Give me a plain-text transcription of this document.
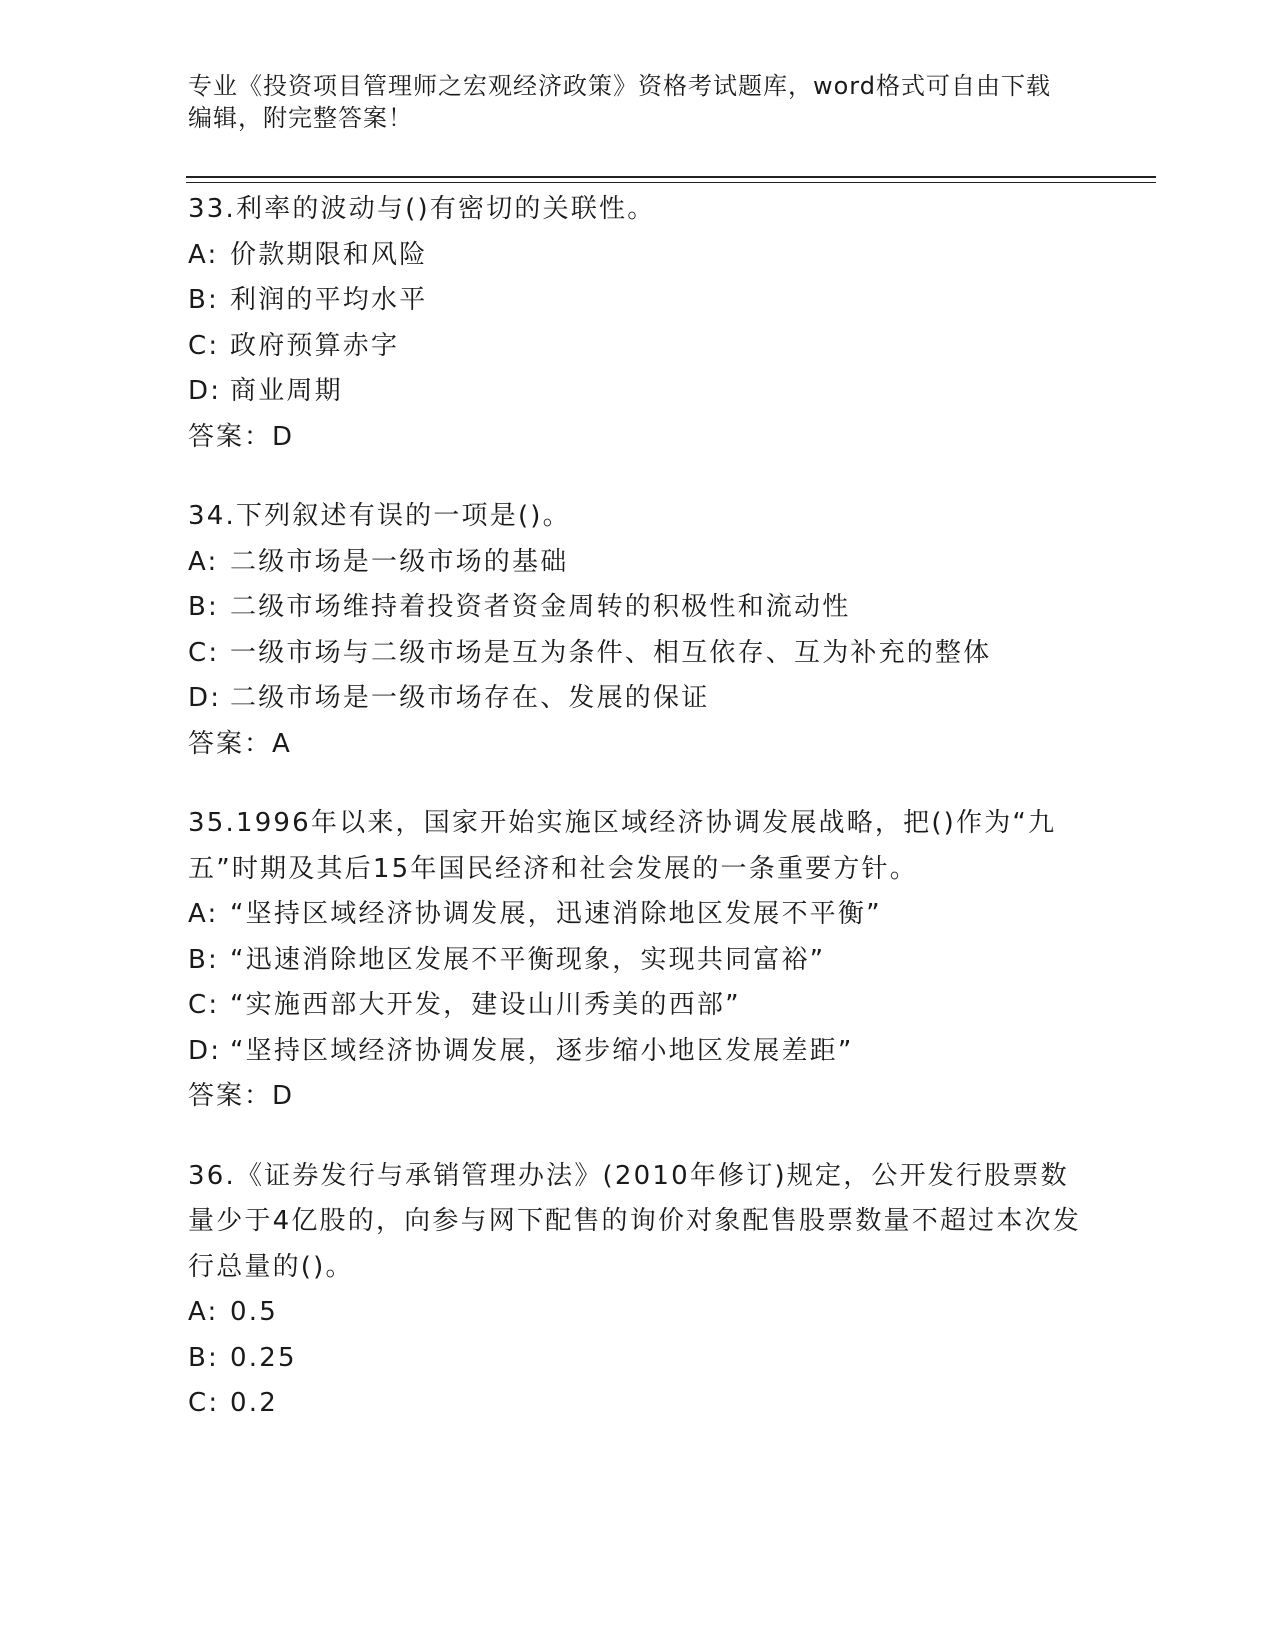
专业《投资项目管理师之宏观经济政策》资格考试题库，word格式可自由下载编辑，附完整答案！
33.利率的波动与()有密切的关联性。
A: 价款期限和风险
B: 利润的平均水平
C: 政府预算赤字
D: 商业周期
答案：D
34.下列叙述有误的一项是()。
A: 二级市场是一级市场的基础
B: 二级市场维持着投资者资金周转的积极性和流动性
C: 一级市场与二级市场是互为条件、相互依存、互为补充的整体
D: 二级市场是一级市场存在、发展的保证
答案：A
35.1996年以来，国家开始实施区域经济协调发展战略，把()作为“九五”时期及其后15年国民经济和社会发展的一条重要方针。
A: “坚持区域经济协调发展，迅速消除地区发展不平衡”
B: “迅速消除地区发展不平衡现象，实现共同富裕”
C: “实施西部大开发，建设山川秀美的西部”
D: “坚持区域经济协调发展，逐步缩小地区发展差距”
答案：D
36.《证券发行与承销管理办法》(2010年修订)规定，公开发行股票数量少于4亿股的，向参与网下配售的询价对象配售股票数量不超过本次发行总量的()。
A: 0.5
B: 0.25
C: 0.2
